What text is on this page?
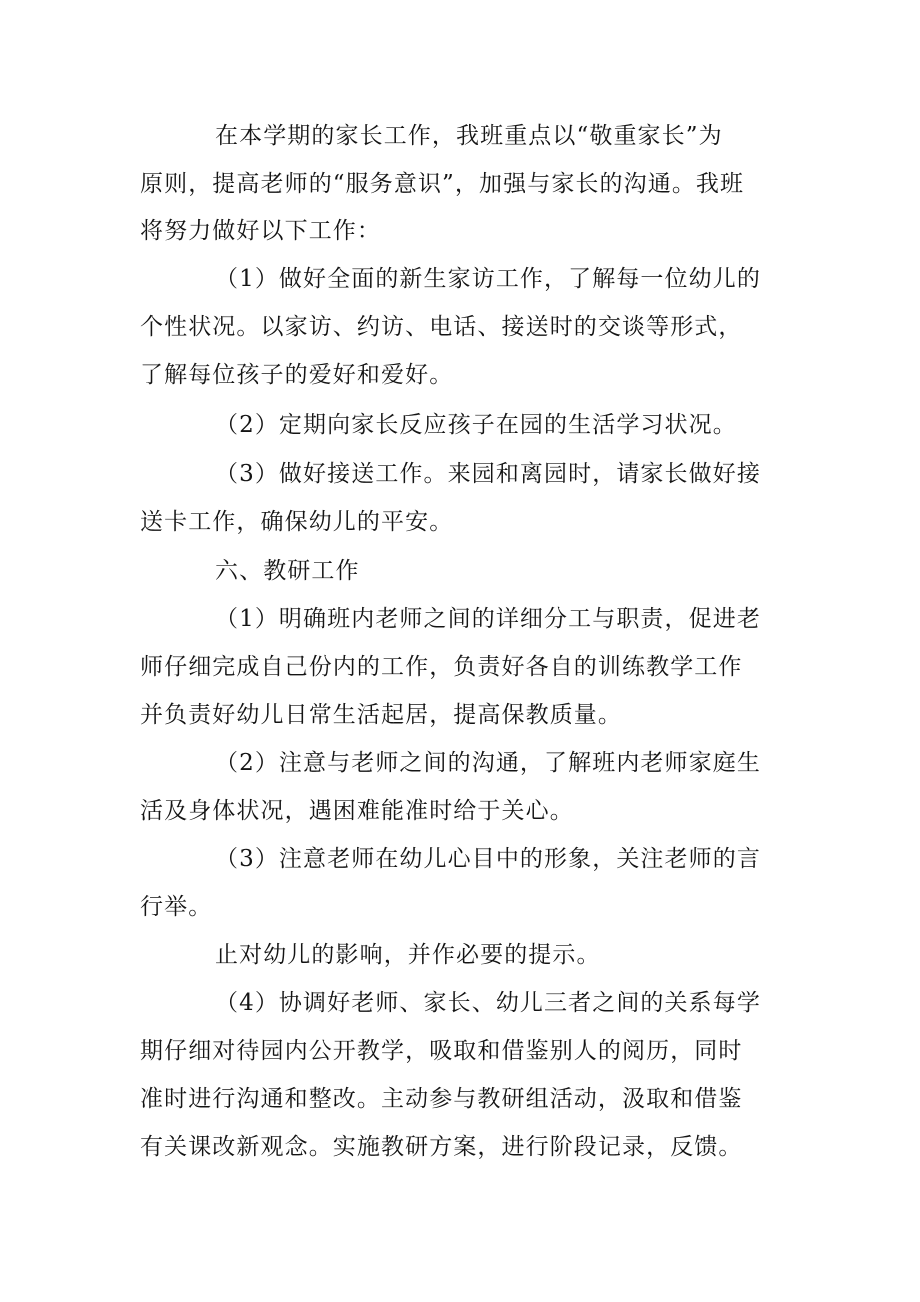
在本学期的家长工作，我班重点以“敬重家长”为
原则，提高老师的“服务意识”，加强与家长的沟通。我班
将努力做好以下工作：
（1）做好全面的新生家访工作，了解每一位幼儿的
个性状况。以家访、约访、电话、接送时的交谈等形式，
了解每位孩子的爱好和爱好。
（2）定期向家长反应孩子在园的生活学习状况。
（3）做好接送工作。来园和离园时，请家长做好接
送卡工作，确保幼儿的平安。
六、教研工作
（1）明确班内老师之间的详细分工与职责，促进老
师仔细完成自己份内的工作，负责好各自的训练教学工作
并负责好幼儿日常生活起居，提高保教质量。
（2）注意与老师之间的沟通，了解班内老师家庭生
活及身体状况，遇困难能准时给于关心。
（3）注意老师在幼儿心目中的形象，关注老师的言
行举。
止对幼儿的影响，并作必要的提示。
（4）协调好老师、家长、幼儿三者之间的关系每学
期仔细对待园内公开教学，吸取和借鉴别人的阅历，同时
准时进行沟通和整改。主动参与教研组活动，汲取和借鉴
有关课改新观念。实施教研方案，进行阶段记录，反馈。
